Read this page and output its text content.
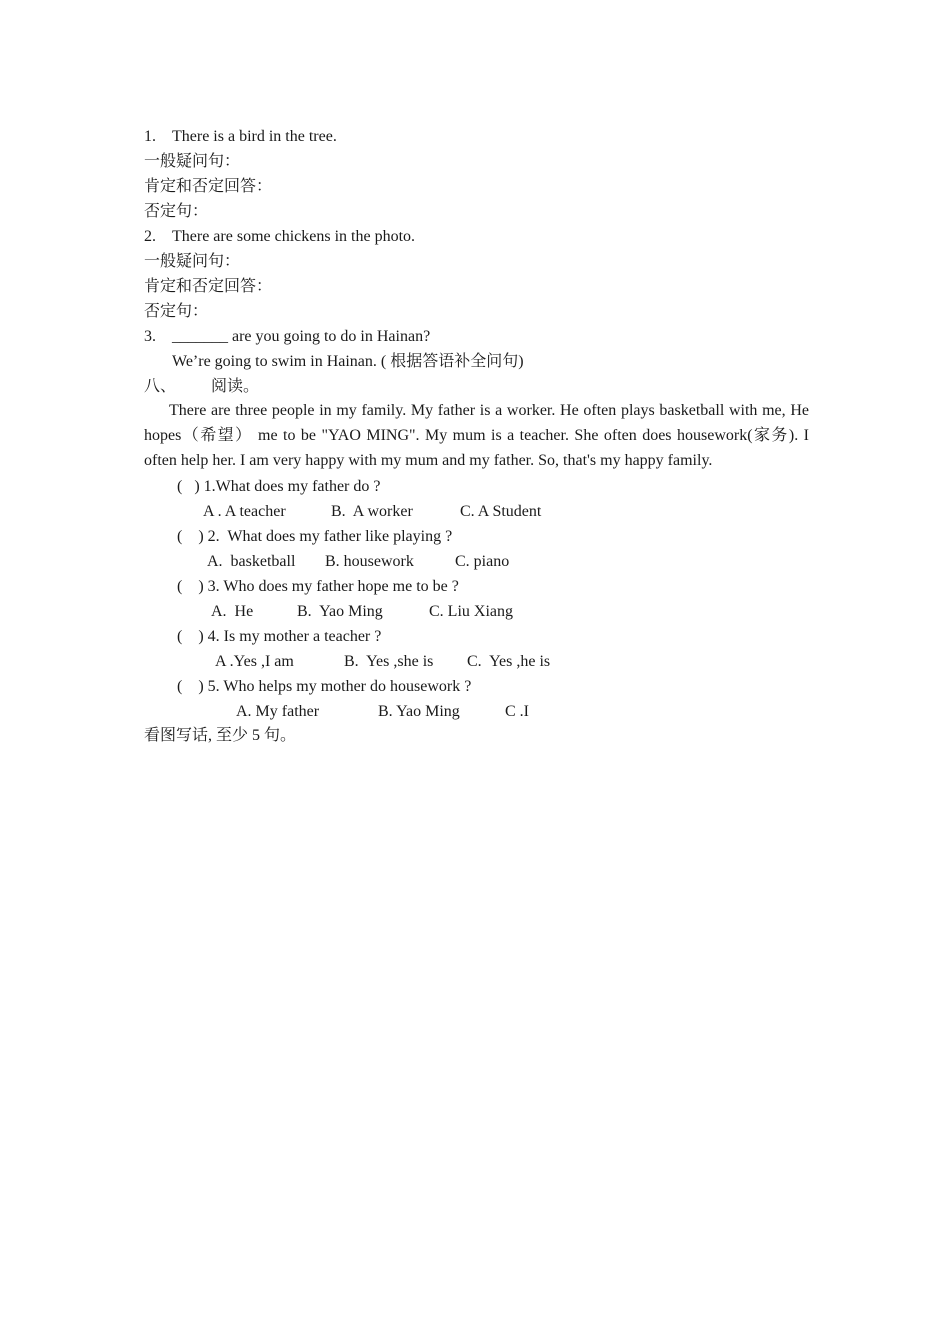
1. There is a bird in the tree.
一般疑问句：
肯定和否定回答：
否定句：
2. There are some chickens in the photo.
一般疑问句：
肯定和否定回答：
否定句：
3. _______ are you going to do in Hainan?
We’re going to swim in Hainan. ( 根据答语补全问句)
八、 阅读。
There are three people in my family. My father is a worker. He often plays basketball with me, He hopes（希望） me to be "YAO MING". My mum is a teacher. She often does housework(家务). I often help her. I am very happy with my mum and my father. So, that's my happy family.
(   ) 1.What does my father do ?
A . A teacher	B.  A worker	C. A Student
(    ) 2.  What does my father like playing ?
A.  basketball B. housework	C. piano
(    ) 3. Who does my father hope me to be ?
A.  He	B.  Yao Ming	C. Liu Xiang
(    ) 4. Is my mother a teacher ?
A .Yes ,I am	B.  Yes ,she is C.  Yes ,he is
(    ) 5. Who helps my mother do housework ?
A. My father	B. Yao Ming	C .I
看图写话, 至少 5 句。
